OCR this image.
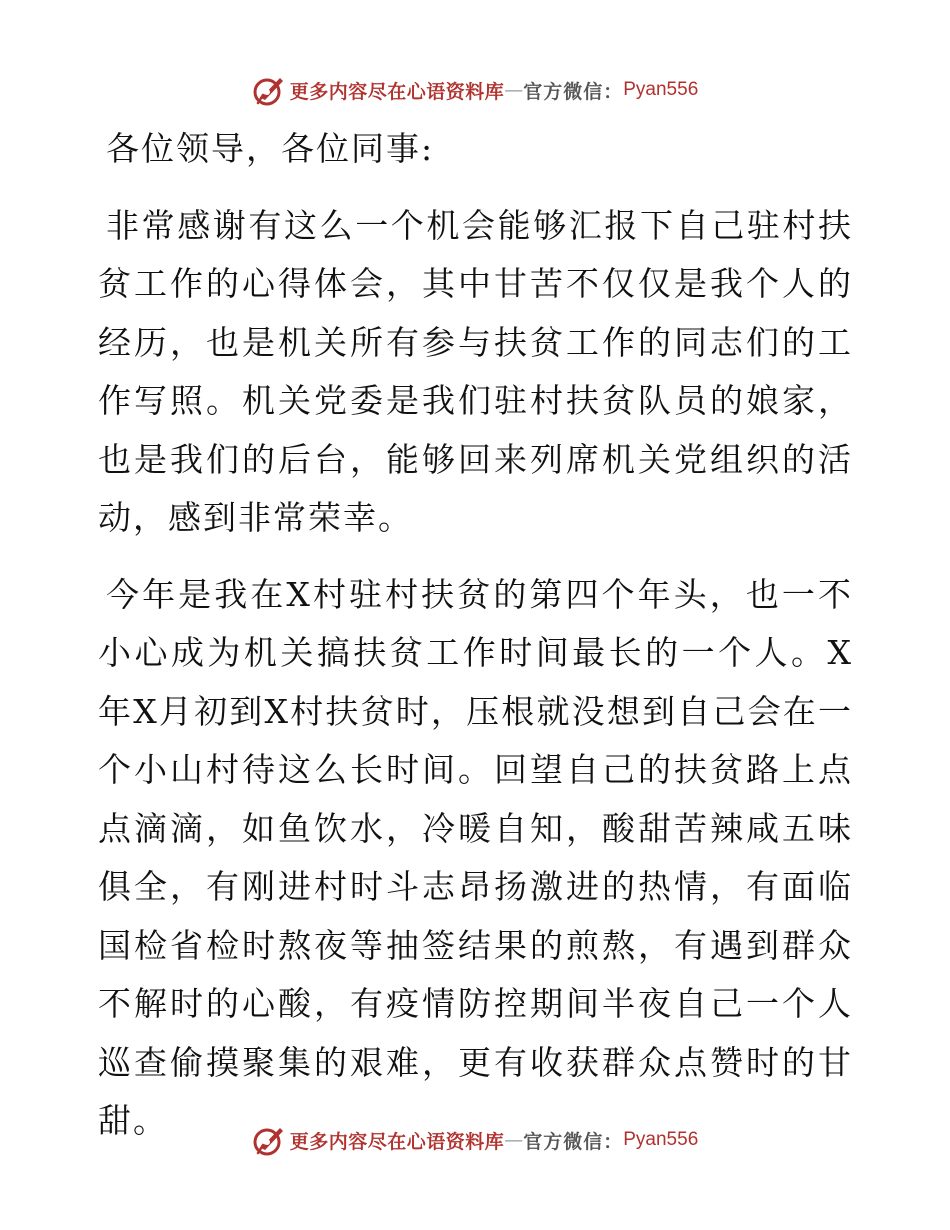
更多内容尽在心语资料库 — 官方微信： Pyan556

各位领导，各位同事:

非常感谢有这么一个机会能够汇报下自己驻村扶贫工作的心得体会，其中甘苦不仅仅是我个人的经历，也是机关所有参与扶贫工作的同志们的工作写照。机关党委是我们驻村扶贫队员的娘家，也是我们的后台，能够回来列席机关党组织的活动，感到非常荣幸。

今年是我在X村驻村扶贫的第四个年头，也一不小心成为机关搞扶贫工作时间最长的一个人。X年X月初到X村扶贫时，压根就没想到自己会在一个小山村待这么长时间。回望自己的扶贫路上点点滴滴，如鱼饮水，冷暖自知，酸甜苦辣咸五味俱全，有刚进村时斗志昂扬激进的热情，有面临国检省检时熬夜等抽签结果的煎熬，有遇到群众不解时的心酸，有疫情防控期间半夜自己一个人巡查偷摸聚集的艰难，更有收获群众点赞时的甘甜。

更多内容尽在心语资料库 — 官方微信： Pyan556
